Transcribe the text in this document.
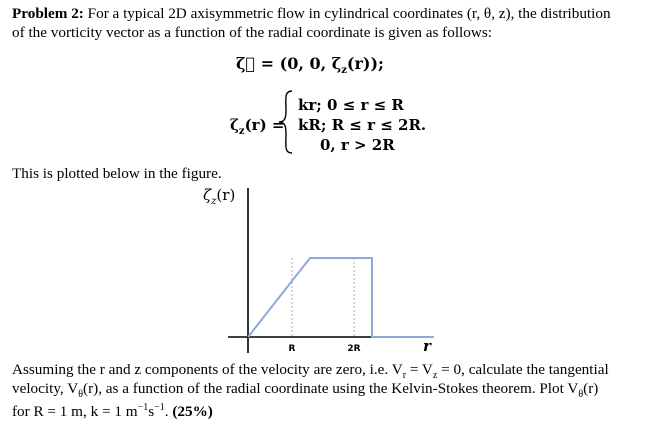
Problem 2: For a typical 2D axisymmetric flow in cylindrical coordinates (r, θ, z), the distribution
of the vorticity vector as a function of the radial coordinate is given as follows:
ζ⃗ = (0, 0, $\zeta_z(r)$);
$\zeta_z(r)$ =
kr; 0 ≤ r ≤ R
kR; R ≤ r ≤ 2R.
0, r > 2R
This is plotted below in the figure.
$\zeta_z(r)$
R	2R	r
Assuming the r and z components of the velocity are zero, i.e. $V_r = V_z = 0$, calculate the tangential
velocity, $V_\theta(r)$, as a function of the radial coordinate using the Kelvin-Stokes theorem. Plot $V_\theta(r)$
for R = 1 m, k = 1 $m^{-1}s^{-1}$. (25%)
